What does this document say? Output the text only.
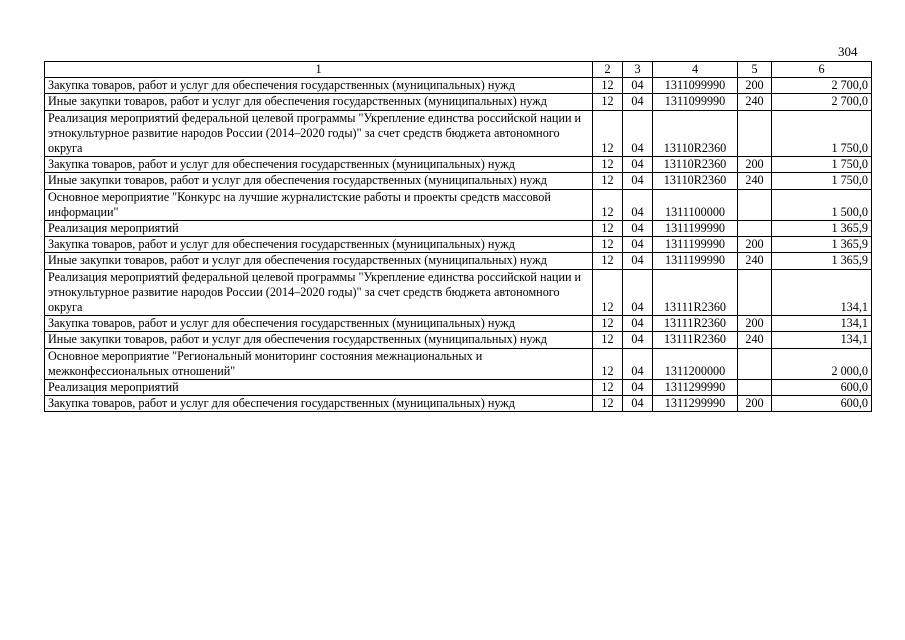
304
1	2	3	4	5	6
Закупка товаров, работ и услуг для обеспечения государственных (муниципальных) нужд	12	04	1311099990	200	2 700,0
Иные закупки товаров, работ и услуг для обеспечения государственных (муниципальных) нужд	12	04	1311099990	240	2 700,0
Реализация мероприятий федеральной целевой программы "Укрепление единства российской нации и этнокультурное развитие народов России (2014–2020 годы)" за счет средств бюджета автономного округа	12	04	13110R2360		1 750,0
Закупка товаров, работ и услуг для обеспечения государственных (муниципальных) нужд	12	04	13110R2360	200	1 750,0
Иные закупки товаров, работ и услуг для обеспечения государственных (муниципальных) нужд	12	04	13110R2360	240	1 750,0
Основное мероприятие "Конкурс на лучшие журналистские работы и проекты средств массовой информации"	12	04	1311100000		1 500,0
Реализация мероприятий	12	04	1311199990		1 365,9
Закупка товаров, работ и услуг для обеспечения государственных (муниципальных) нужд	12	04	1311199990	200	1 365,9
Иные закупки товаров, работ и услуг для обеспечения государственных (муниципальных) нужд	12	04	1311199990	240	1 365,9
Реализация мероприятий федеральной целевой программы "Укрепление единства российской нации и этнокультурное развитие народов России (2014–2020 годы)" за счет средств бюджета автономного округа	12	04	13111R2360		134,1
Закупка товаров, работ и услуг для обеспечения государственных (муниципальных) нужд	12	04	13111R2360	200	134,1
Иные закупки товаров, работ и услуг для обеспечения государственных (муниципальных) нужд	12	04	13111R2360	240	134,1
Основное мероприятие "Региональный мониторинг состояния межнациональных и межконфессиональных отношений"	12	04	1311200000		2 000,0
Реализация мероприятий	12	04	1311299990		600,0
Закупка товаров, работ и услуг для обеспечения государственных (муниципальных) нужд	12	04	1311299990	200	600,0
